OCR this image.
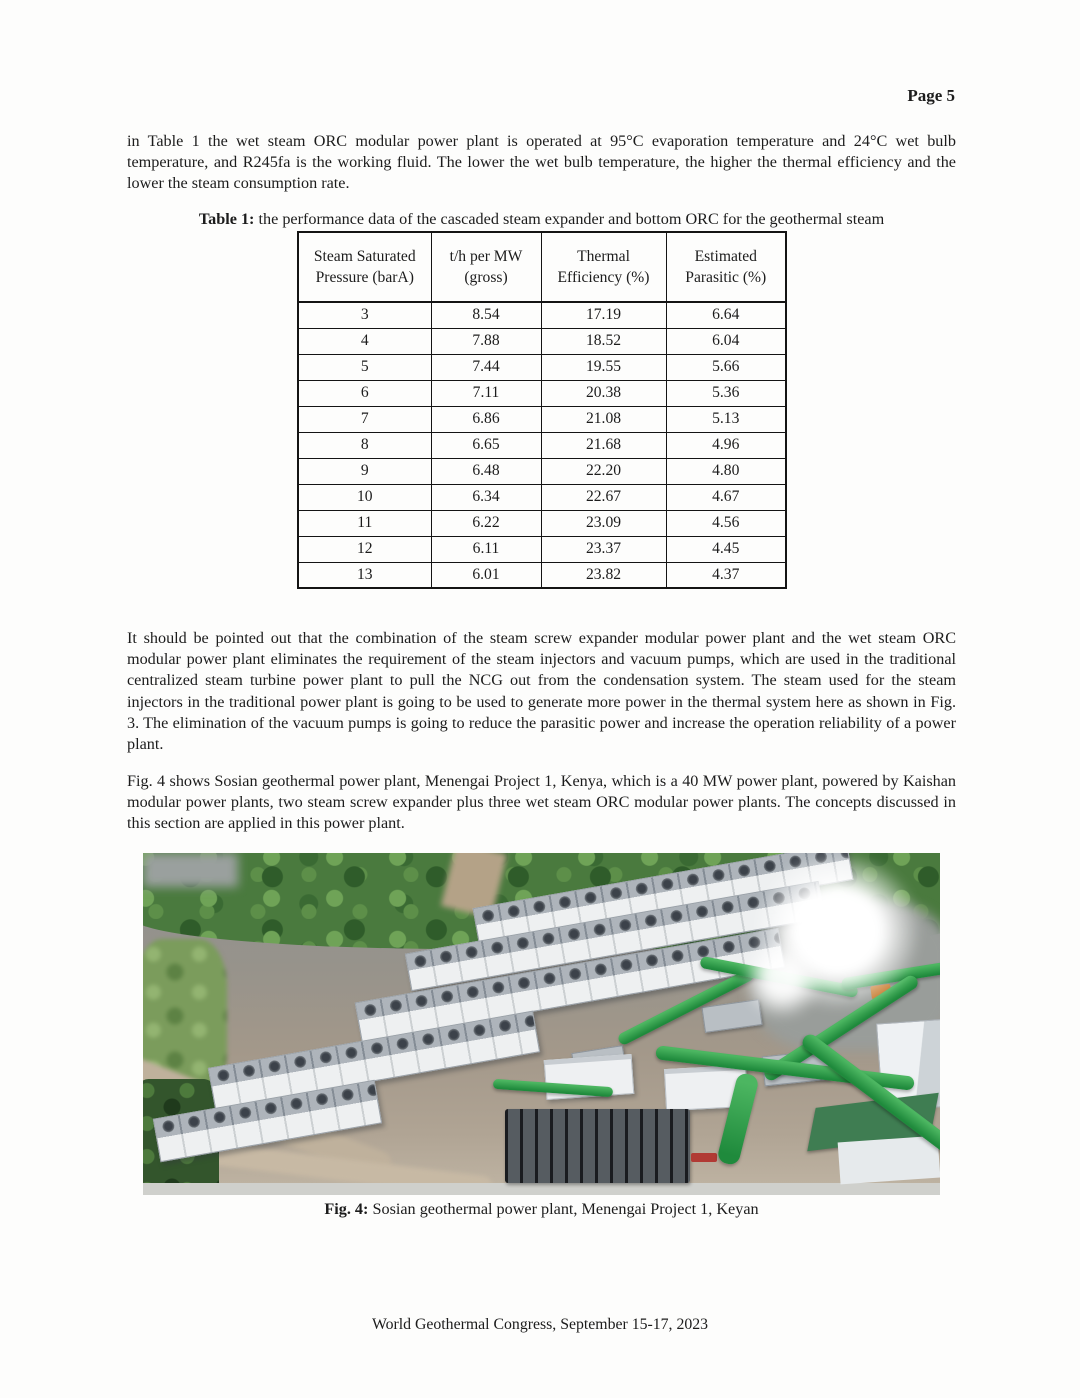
Page 5
in Table 1 the wet steam ORC modular power plant is operated at 95°C evaporation temperature and 24°C wet bulb temperature, and R245fa is the working fluid. The lower the wet bulb temperature, the higher the thermal efficiency and the lower the steam consumption rate.
Table 1: the performance data of the cascaded steam expander and bottom ORC for the geothermal steam
Steam Saturated Pressure (barA)	t/h per MW (gross)	Thermal Efficiency (%)	Estimated Parasitic (%)
3	8.54	17.19	6.64
4	7.88	18.52	6.04
5	7.44	19.55	5.66
6	7.11	20.38	5.36
7	6.86	21.08	5.13
8	6.65	21.68	4.96
9	6.48	22.20	4.80
10	6.34	22.67	4.67
11	6.22	23.09	4.56
12	6.11	23.37	4.45
13	6.01	23.82	4.37
It should be pointed out that the combination of the steam screw expander modular power plant and the wet steam ORC modular power plant eliminates the requirement of the steam injectors and vacuum pumps, which are used in the traditional centralized steam turbine power plant to pull the NCG out from the condensation system. The steam used for the steam injectors in the traditional power plant is going to be used to generate more power in the thermal system here as shown in Fig. 3. The elimination of the vacuum pumps is going to reduce the parasitic power and increase the operation reliability of a power plant.
Fig. 4 shows Sosian geothermal power plant, Menengai Project 1, Kenya, which is a 40 MW power plant, powered by Kaishan modular power plants, two steam screw expander plus three wet steam ORC modular power plants. The concepts discussed in this section are applied in this power plant.
Fig. 4: Sosian geothermal power plant, Menengai Project 1, Keyan
World Geothermal Congress, September 15-17, 2023
